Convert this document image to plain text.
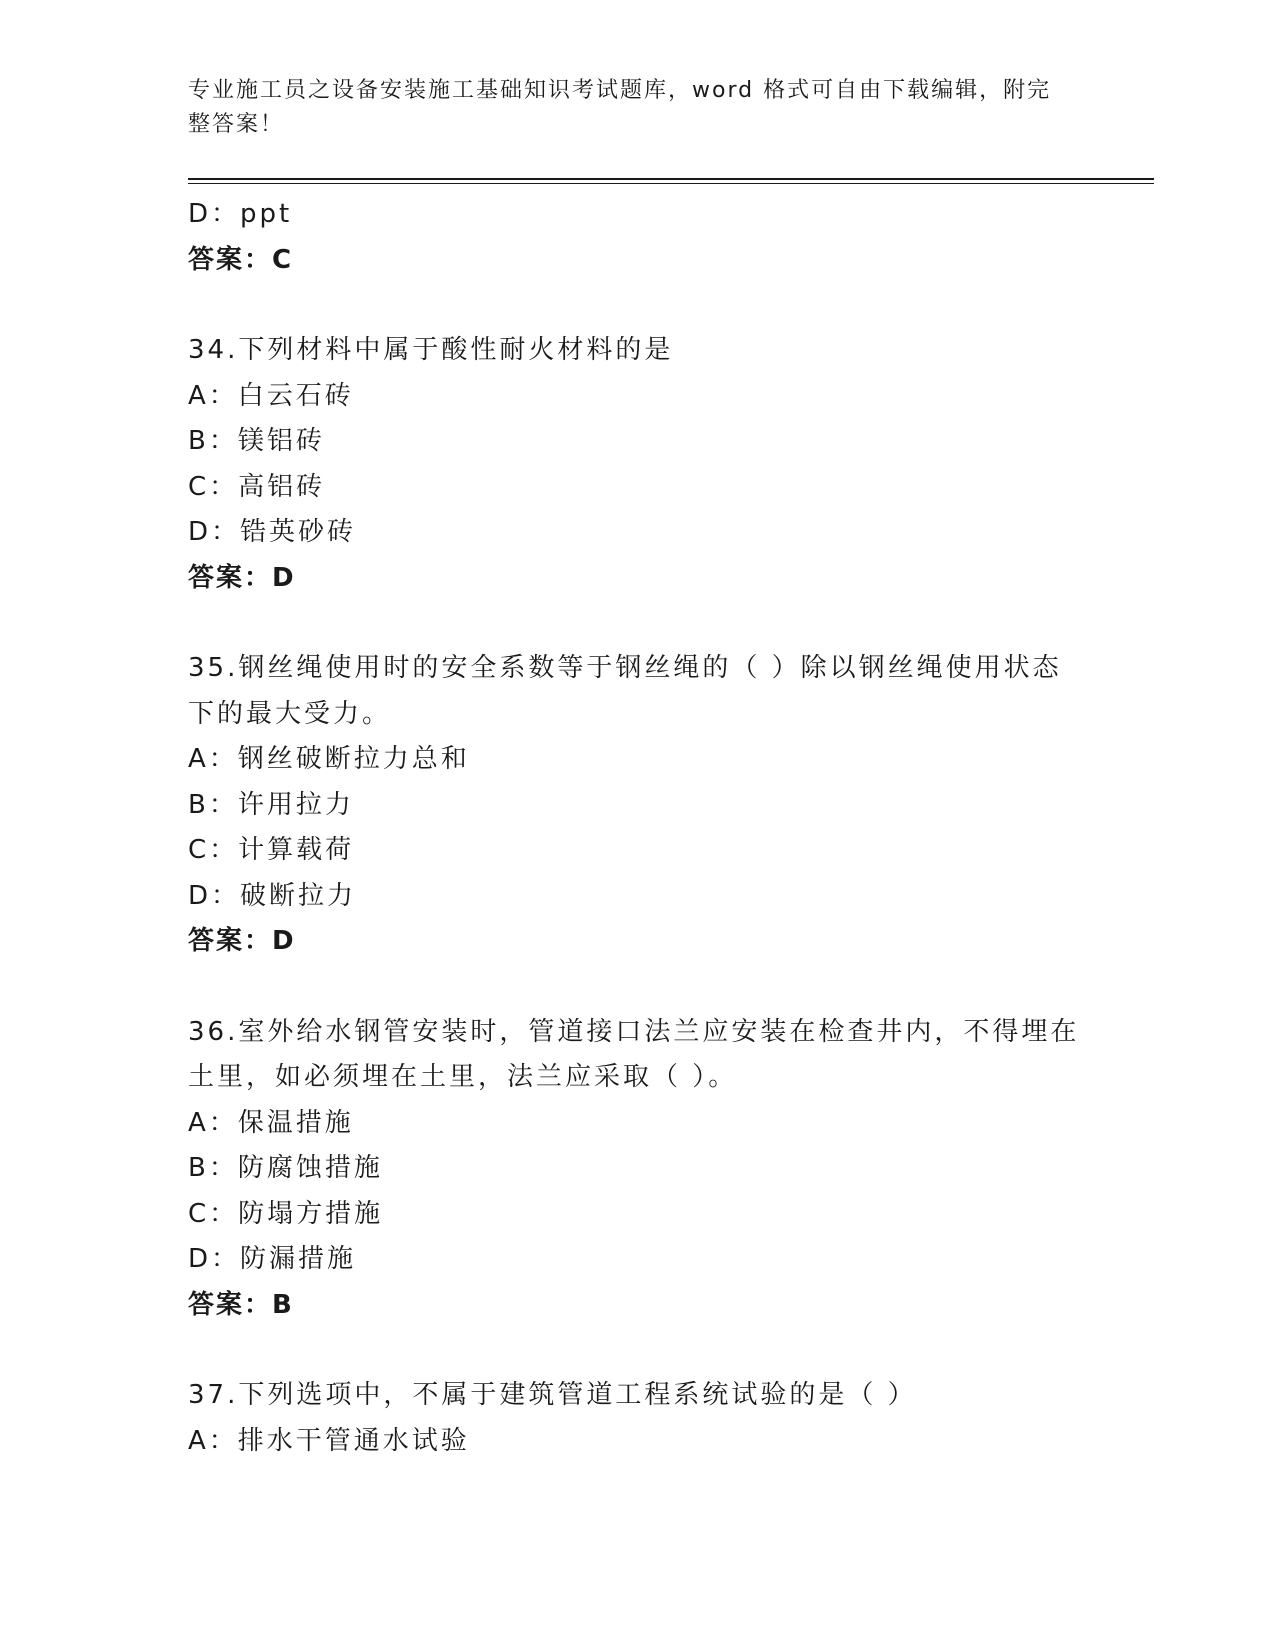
专业施工员之设备安装施工基础知识考试题库，word 格式可自由下载编辑，附完
整答案！
D：ppt
答案：C
34.下列材料中属于酸性耐火材料的是
A：白云石砖
B：镁铝砖
C：高铝砖
D：锆英砂砖
答案：D
35.钢丝绳使用时的安全系数等于钢丝绳的（ ）除以钢丝绳使用状态
下的最大受力。
A：钢丝破断拉力总和
B：许用拉力
C：计算载荷
D：破断拉力
答案：D
36.室外给水钢管安装时，管道接口法兰应安装在检查井内，不得埋在
土里，如必须埋在土里，法兰应采取（ ）。
A：保温措施
B：防腐蚀措施
C：防塌方措施
D：防漏措施
答案：B
37.下列选项中，不属于建筑管道工程系统试验的是（ ）
A：排水干管通水试验
